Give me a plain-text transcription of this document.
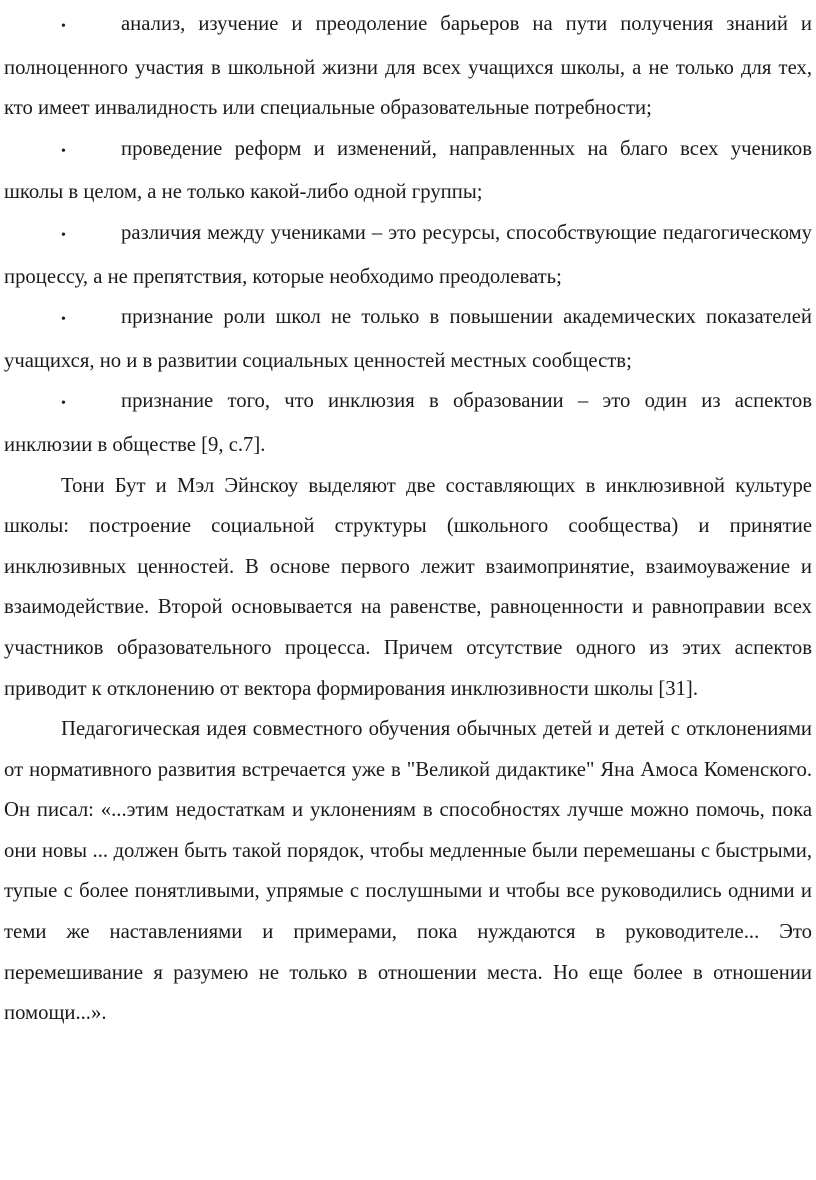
•	анализ, изучение и преодоление барьеров на пути получения знаний и полноценного участия в школьной жизни для всех учащихся школы, а не только для тех, кто имеет инвалидность или специальные образовательные потребности;

•	проведение реформ и изменений, направленных на благо всех учеников школы в целом, а не только какой-либо одной группы;

•	различия между учениками – это ресурсы, способствующие педагогическому процессу, а не препятствия, которые необходимо преодолевать;

•	признание роли школ не только в повышении академических показателей учащихся, но и в развитии социальных ценностей местных сообществ;

•	признание того, что инклюзия в образовании – это один из аспектов инклюзии в обществе [9, с.7].

Тони Бут и Мэл Эйнскоу выделяют две составляющих в инклюзивной культуре школы: построение социальной структуры (школьного сообщества) и принятие инклюзивных ценностей. В основе первого лежит взаимопринятие, взаимоуважение и взаимодействие. Второй основывается на равенстве, равноценности и равноправии всех участников образовательного процесса. Причем отсутствие одного из этих аспектов приводит к отклонению от вектора формирования инклюзивности школы [31].

Педагогическая идея совместного обучения обычных детей и детей с отклонениями от нормативного развития встречается уже в "Великой дидактике" Яна Амоса Коменского. Он писал: «...этим недостаткам и уклонениям в способностях лучше можно помочь, пока они новы ... должен быть такой порядок, чтобы медленные были перемешаны с быстрыми, тупые с более понятливыми, упрямые с послушными и чтобы все руководились одними и теми же наставлениями и примерами, пока нуждаются в руководителе... Это перемешивание я разумею не только в отношении места. Но еще более в отношении помощи...».
